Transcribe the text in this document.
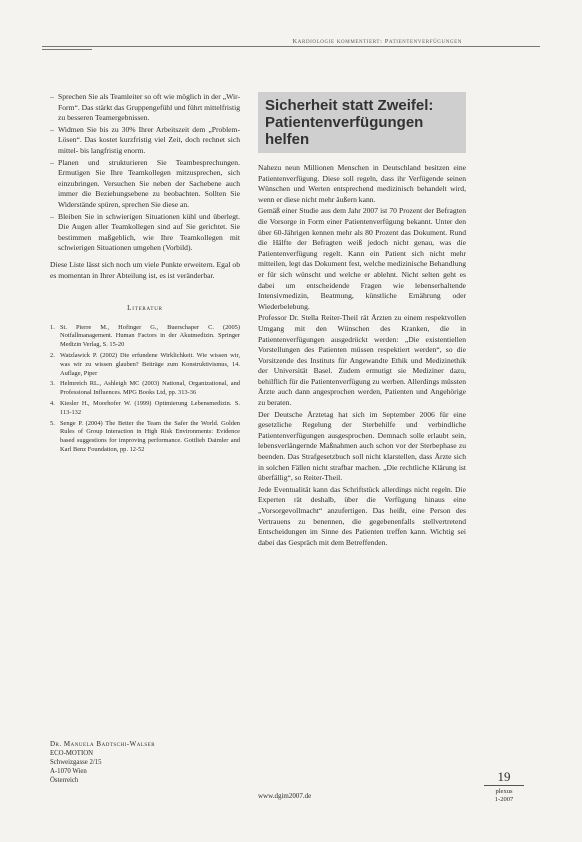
Kardiologie kommentiert: Patientenverfügungen
– Sprechen Sie als Teamleiter so oft wie möglich in der „Wir-Form“. Das stärkt das Gruppengefühl und führt mittelfristig zu besseren Teamergebnissen.
– Widmen Sie bis zu 30% Ihrer Arbeitszeit dem „Problem-Lösen“. Das kostet kurzfristig viel Zeit, doch rechnet sich mittel- bis langfristig enorm.
– Planen und strukturieren Sie Teambesprechungen. Ermutigen Sie Ihre Teamkollegen mitzusprechen, sich einzubringen. Versuchen Sie neben der Sachebene auch immer die Beziehungsebene zu beobachten. Sollten Sie Widerstände spüren, sprechen Sie diese an.
– Bleiben Sie in schwierigen Situationen kühl und überlegt. Die Augen aller Teamkollegen sind auf Sie gerichtet. Sie bestimmen maßgeblich, wie Ihre Teamkollegen mit schwierigen Situationen umgehen (Vorbild).

Diese Liste lässt sich noch um viele Punkte erweitern. Egal ob es momentan in Ihrer Abteilung ist, es ist veränderbar.

Literatur
1. St. Pierre M., Hofinger G., Buerschaper C. (2005) Notfallmanagement. Human Factors in der Akutmedizin. Springer Medizin Verlag, S. 15-20
2. Watzlawick P. (2002) Die erfundene Wirklichkeit. Wie wissen wir, was wir zu wissen glauben? Beiträge zum Konstruktivismus, 14. Auflage, Piper
3. Helmreich RL., Ashleigh MC (2003) National, Organizational, and Professional Influences. MPG Books Ltd, pp. 313-36
4. Kiesler H., Moorhofer W. (1999) Optimierung Lebensmedizin. S. 113-132
5. Senge P. (2004) The Better the Team the Safer the World. Golden Rules of Group Interaction in High Risk Environments: Evidence based suggestions for improving performance. Gottlieb Daimler and Karl Benz Foundation, pp. 12-52
Dr. Manuela Badtschi-Walser
ECO-MOTION
Schweizgasse 2/15
A-1070 Wien
Österreich
Sicherheit statt Zweifel: Patientenverfügungen helfen

Nahezu neun Millionen Menschen in Deutschland besitzen eine Patientenverfügung. Diese soll regeln, dass ihr Verfügende seinen Wünschen und Werten entsprechend medizinisch behandelt wird, wenn er diese nicht mehr äußern kann.

Gemäß einer Studie aus dem Jahr 2007 ist 70 Prozent der Befragten die Vorsorge in Form einer Patientenverfügung bekannt. Unter den über 60-Jährigen kennen mehr als 80 Prozent das Dokument. Rund die Hälfte der Befragten weiß jedoch nicht genau, was die Patientenverfügung regelt. Kann ein Patient sich nicht mehr mitteilen, legt das Dokument fest, welche medizinische Behandlung er für sich wünscht und welche er ablehnt. Nicht selten geht es dabei um entscheidende Fragen wie lebenserhaltende Intensivmedizin, Beatmung, künstliche Ernährung oder Wiederbelebung.

Professor Dr. Stella Reiter-Theil rät Ärzten zu einem respektvollen Umgang mit den Wünschen des Kranken, die in Patientenverfügungen ausgedrückt werden: „Die existentiellen Vorstellungen des Patienten müssen respektiert werden“, so die Vorsitzende des Instituts für Angewandte Ethik und Medizinethik der Universität Basel. Zudem ermutigt sie Mediziner dazu, behilflich für die Patientenverfügung zu werben. Allerdings müssten Ärzte auch dann angesprochen werden, Patienten und Angehörige zu beraten.

Der Deutsche Ärztetag hat sich im September 2006 für eine gesetzliche Regelung der Sterbehilfe und verbindliche Patientenverfügungen ausgesprochen. Demnach solle erlaubt sein, lebensverlängernde Maßnahmen auch schon vor der Sterbephase zu beenden. Das Strafgesetzbuch soll nicht klarstellen, dass Ärzte sich in solchen Fällen nicht strafbar machen. „Die rechtliche Klärung ist überfällig“, so Reiter-Theil.

Jede Eventualität kann das Schriftstück allerdings nicht regeln. Die Experten rät deshalb, über die Verfügung hinaus eine „Vorsorgevollmacht“ anzufertigen. Das heißt, eine Person des Vertrauens zu benennen, die gegebenenfalls stellvertretend Entscheidungen im Sinne des Patienten treffen kann. Wichtig sei dabei das Gespräch mit dem Betreffenden.

www.dgim2007.de
19
plexus
1-2007
